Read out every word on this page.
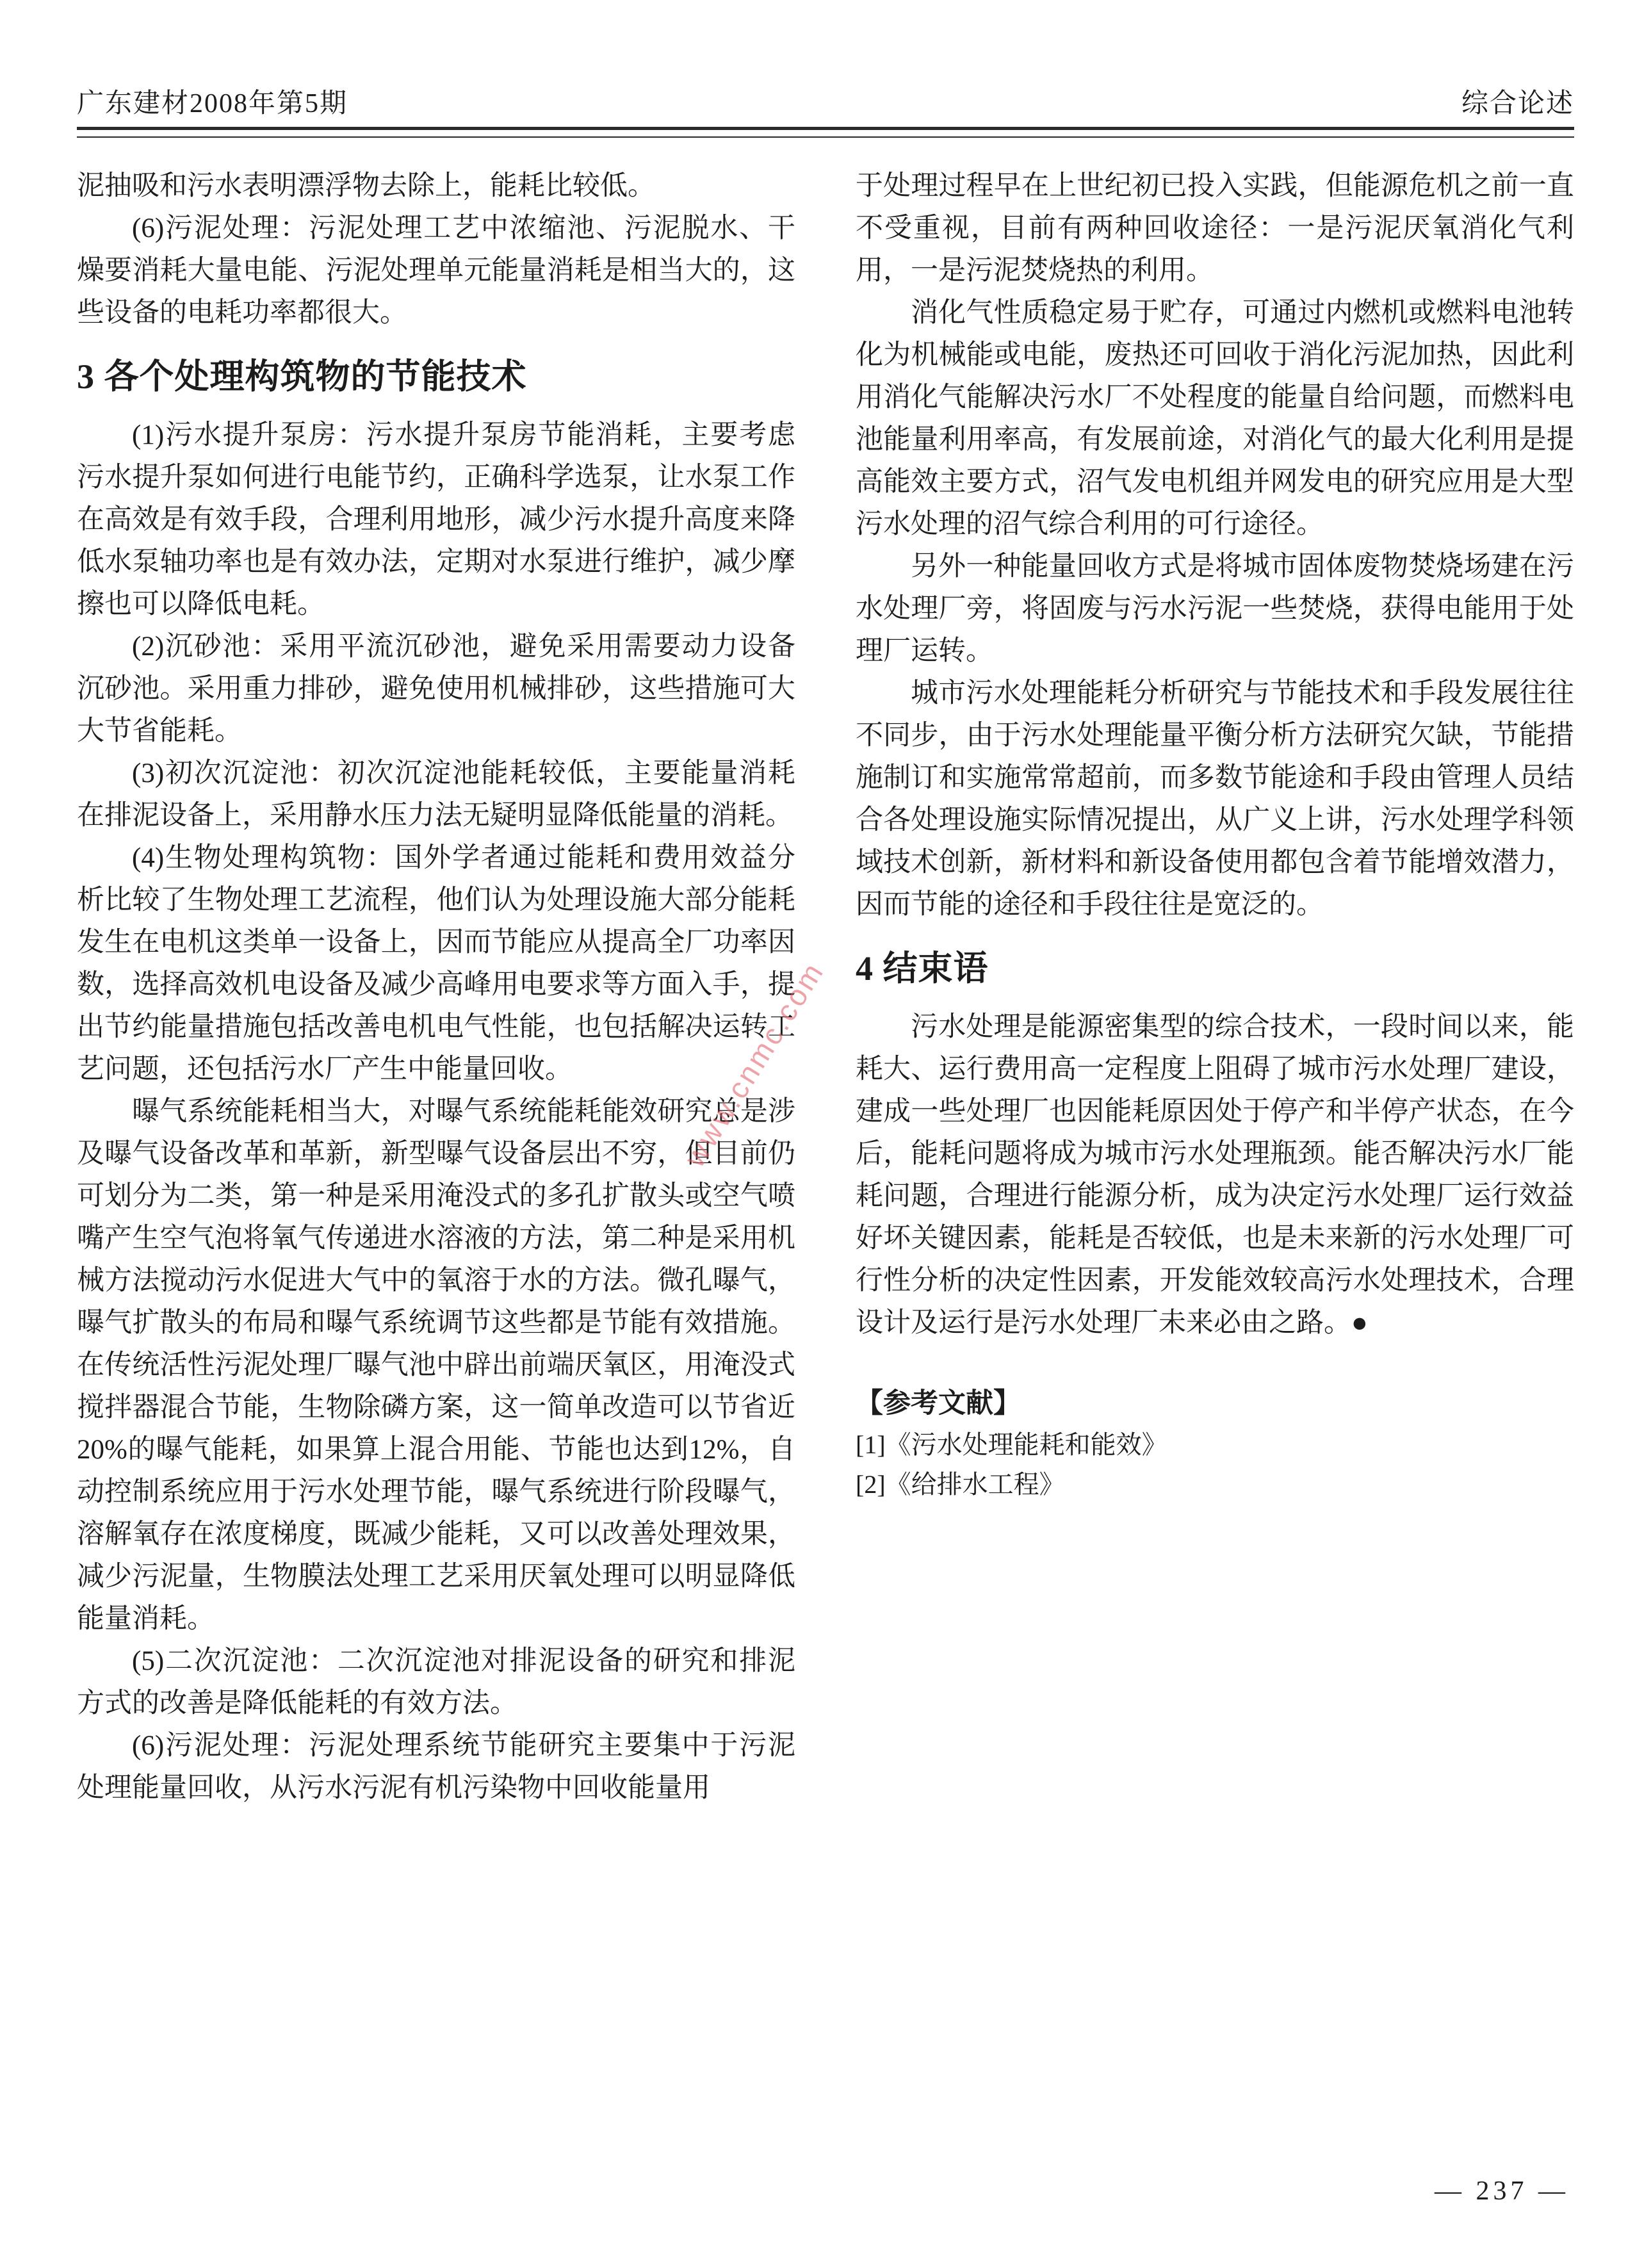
广东建材2008年第5期	综合论述

泥抽吸和污水表明漂浮物去除上，能耗比较低。

(6)污泥处理：污泥处理工艺中浓缩池、污泥脱水、干燥要消耗大量电能、污泥处理单元能量消耗是相当大的，这些设备的电耗功率都很大。

3 各个处理构筑物的节能技术

(1)污水提升泵房：污水提升泵房节能消耗，主要考虑污水提升泵如何进行电能节约，正确科学选泵，让水泵工作在高效是有效手段，合理利用地形，减少污水提升高度来降低水泵轴功率也是有效办法，定期对水泵进行维护，减少摩擦也可以降低电耗。

(2)沉砂池：采用平流沉砂池，避免采用需要动力设备沉砂池。采用重力排砂，避免使用机械排砂，这些措施可大大节省能耗。

(3)初次沉淀池：初次沉淀池能耗较低，主要能量消耗在排泥设备上，采用静水压力法无疑明显降低能量的消耗。

(4)生物处理构筑物：国外学者通过能耗和费用效益分析比较了生物处理工艺流程，他们认为处理设施大部分能耗发生在电机这类单一设备上，因而节能应从提高全厂功率因数，选择高效机电设备及减少高峰用电要求等方面入手，提出节约能量措施包括改善电机电气性能，也包括解决运转工艺问题，还包括污水厂产生中能量回收。

曝气系统能耗相当大，对曝气系统能耗能效研究总是涉及曝气设备改革和革新，新型曝气设备层出不穷，但目前仍可划分为二类，第一种是采用淹没式的多孔扩散头或空气喷嘴产生空气泡将氧气传递进水溶液的方法，第二种是采用机械方法搅动污水促进大气中的氧溶于水的方法。微孔曝气，曝气扩散头的布局和曝气系统调节这些都是节能有效措施。在传统活性污泥处理厂曝气池中辟出前端厌氧区，用淹没式搅拌器混合节能，生物除磷方案，这一简单改造可以节省近20%的曝气能耗，如果算上混合用能、节能也达到12%，自动控制系统应用于污水处理节能，曝气系统进行阶段曝气，溶解氧存在浓度梯度，既减少能耗，又可以改善处理效果，减少污泥量，生物膜法处理工艺采用厌氧处理可以明显降低能量消耗。

(5)二次沉淀池：二次沉淀池对排泥设备的研究和排泥方式的改善是降低能耗的有效方法。

(6)污泥处理：污泥处理系统节能研究主要集中于污泥处理能量回收，从污水污泥有机污染物中回收能量用

于处理过程早在上世纪初已投入实践，但能源危机之前一直不受重视，目前有两种回收途径：一是污泥厌氧消化气利用，一是污泥焚烧热的利用。

消化气性质稳定易于贮存，可通过内燃机或燃料电池转化为机械能或电能，废热还可回收于消化污泥加热，因此利用消化气能解决污水厂不处程度的能量自给问题，而燃料电池能量利用率高，有发展前途，对消化气的最大化利用是提高能效主要方式，沼气发电机组并网发电的研究应用是大型污水处理的沼气综合利用的可行途径。

另外一种能量回收方式是将城市固体废物焚烧场建在污水处理厂旁，将固废与污水污泥一些焚烧，获得电能用于处理厂运转。

城市污水处理能耗分析研究与节能技术和手段发展往往不同步，由于污水处理能量平衡分析方法研究欠缺，节能措施制订和实施常常超前，而多数节能途和手段由管理人员结合各处理设施实际情况提出，从广义上讲，污水处理学科领域技术创新，新材料和新设备使用都包含着节能增效潜力，因而节能的途径和手段往往是宽泛的。

4 结束语

污水处理是能源密集型的综合技术，一段时间以来，能耗大、运行费用高一定程度上阻碍了城市污水处理厂建设，建成一些处理厂也因能耗原因处于停产和半停产状态，在今后，能耗问题将成为城市污水处理瓶颈。能否解决污水厂能耗问题，合理进行能源分析，成为决定污水处理厂运行效益好坏关键因素，能耗是否较低，也是未来新的污水处理厂可行性分析的决定性因素，开发能效较高污水处理技术，合理设计及运行是污水处理厂未来必由之路。●

【参考文献】

[1]《污水处理能耗和能效》

[2]《给排水工程》

www.cnmc.com
— 237 —
